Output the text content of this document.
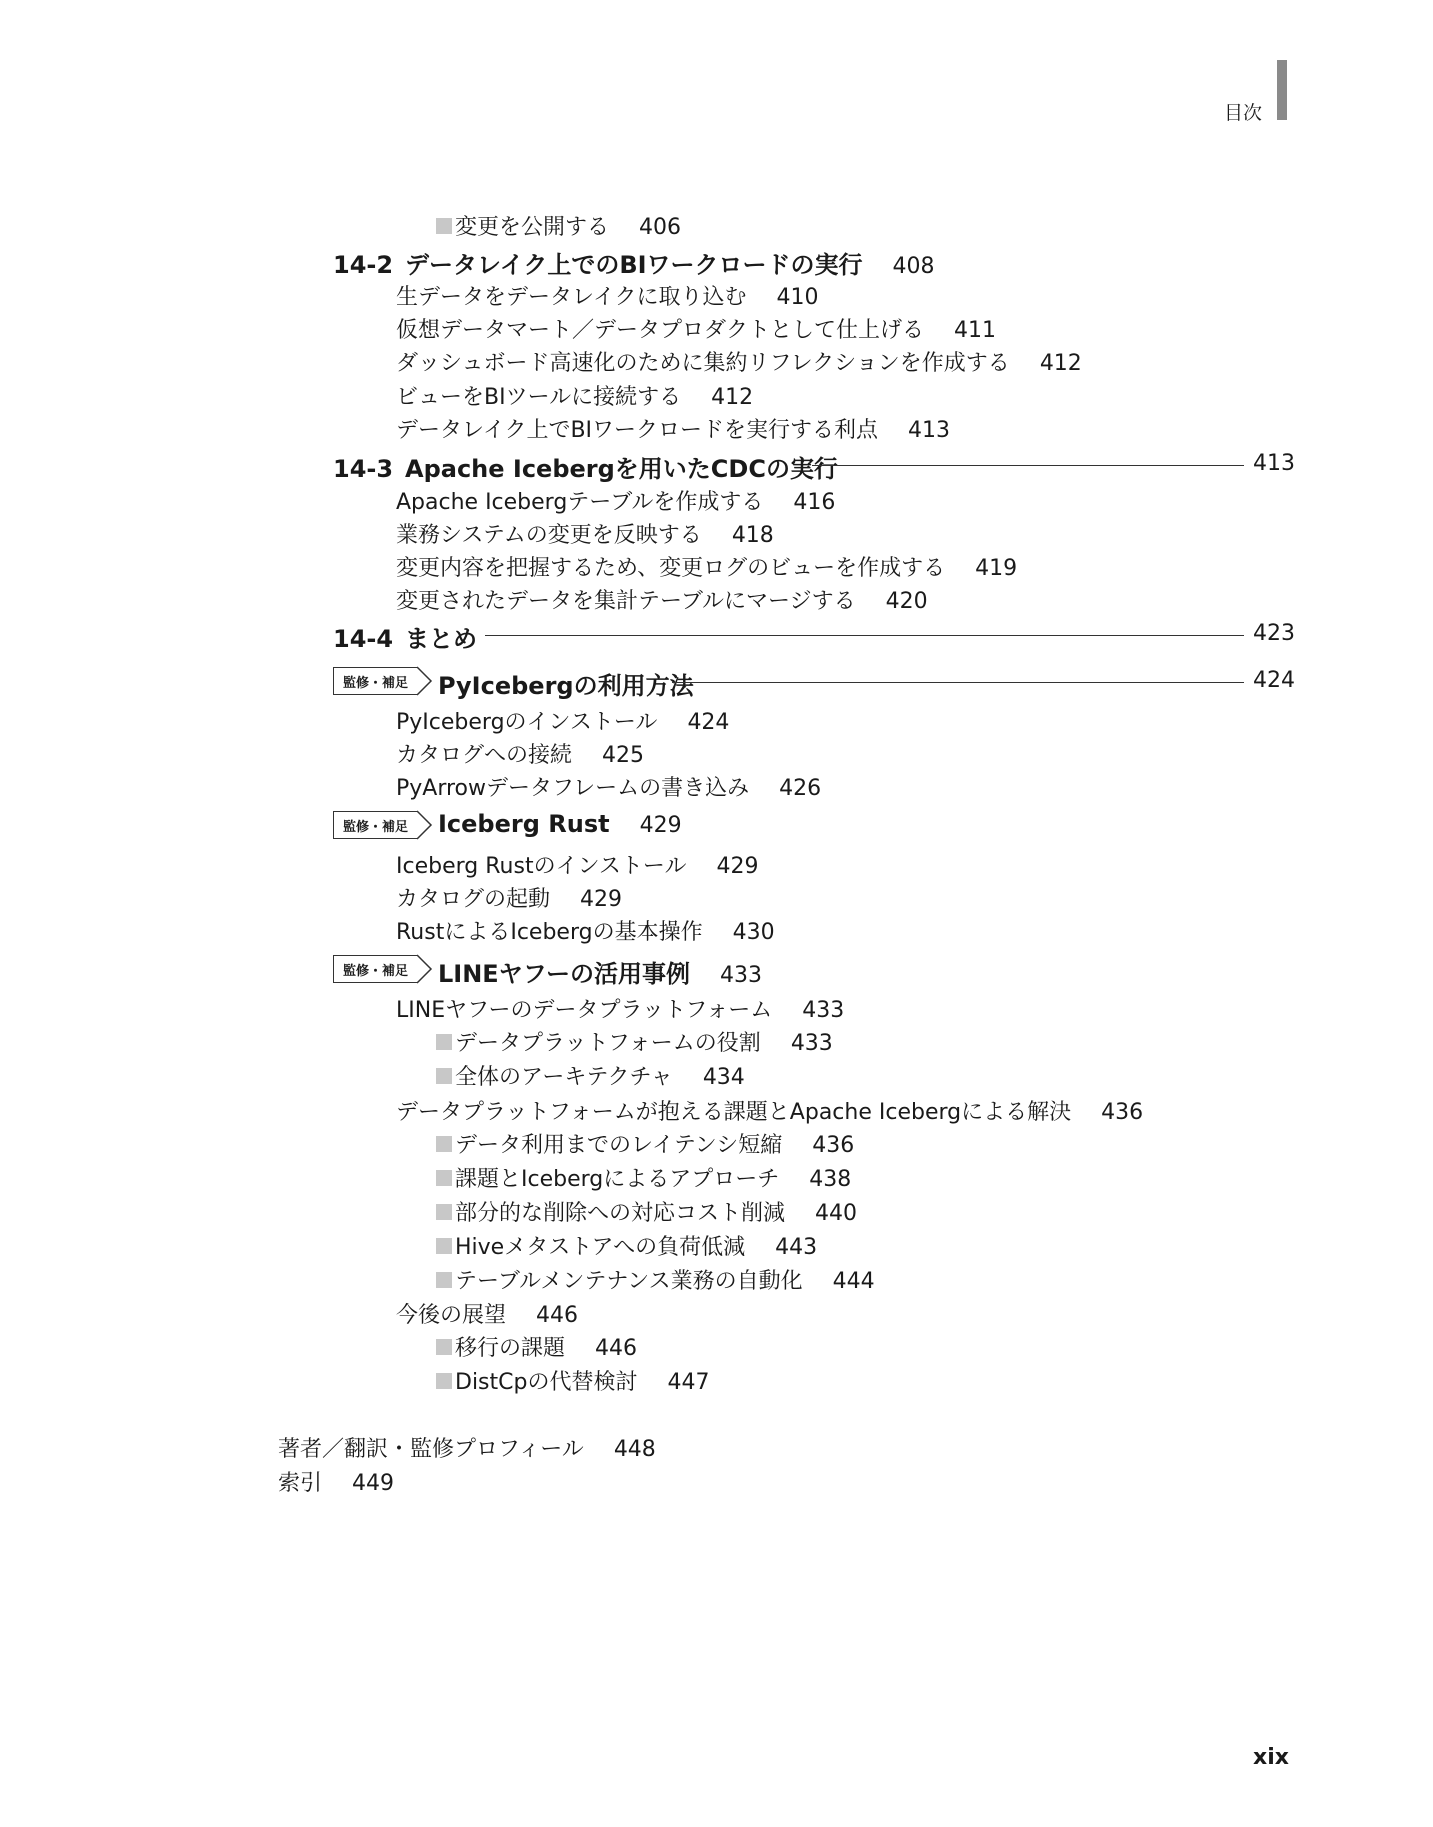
目次
変更を公開する 406
14-2 データレイク上でのBIワークロードの実行 408
生データをデータレイクに取り込む 410
仮想データマート／データプロダクトとして仕上げる 411
ダッシュボード高速化のために集約リフレクションを作成する 412
ビューをBIツールに接続する 412
データレイク上でBIワークロードを実行する利点 413
14-3 Apache Icebergを用いたCDCの実行	413
Apache Icebergテーブルを作成する 416
業務システムの変更を反映する 418
変更内容を把握するため、変更ログのビューを作成する 419
変更されたデータを集計テーブルにマージする 420
14-4 まとめ	423
監修・補足	PyIcebergの利用方法	424
PyIcebergのインストール 424
カタログへの接続 425
PyArrowデータフレームの書き込み 426
監修・補足	Iceberg Rust 429
Iceberg Rustのインストール 429
カタログの起動 429
RustによるIcebergの基本操作 430
監修・補足	LINEヤフーの活用事例 433
LINEヤフーのデータプラットフォーム 433
データプラットフォームの役割 433
全体のアーキテクチャ 434
データプラットフォームが抱える課題とApache Icebergによる解決 436
データ利用までのレイテンシ短縮 436
課題とIcebergによるアプローチ 438
部分的な削除への対応コスト削減 440
Hiveメタストアへの負荷低減 443
テーブルメンテナンス業務の自動化 444
今後の展望 446
移行の課題 446
DistCpの代替検討 447
著者／翻訳・監修プロフィール 448
索引 449
xix
